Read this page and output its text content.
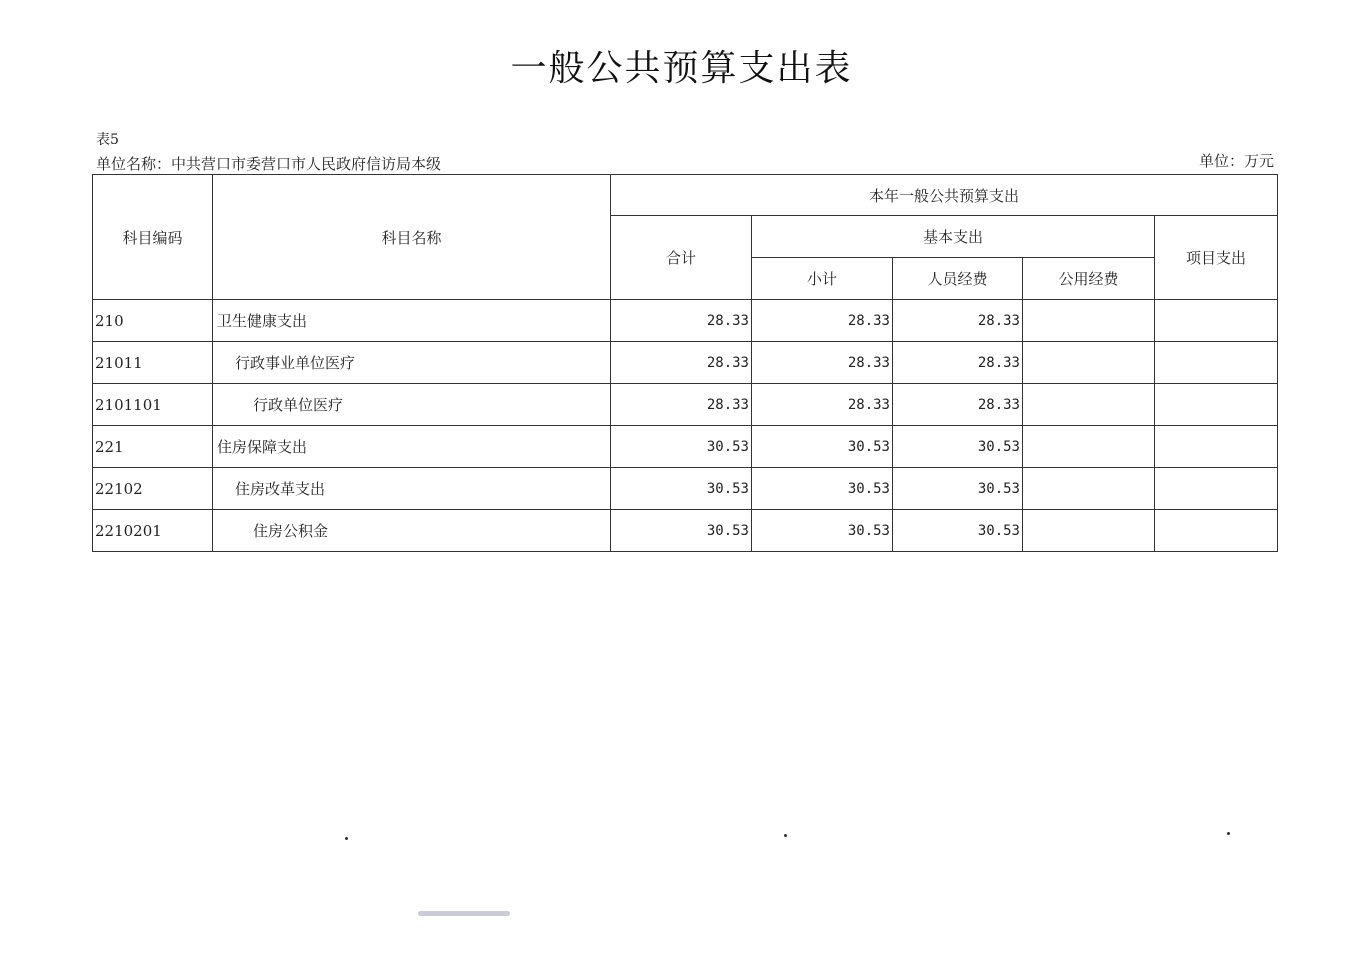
一般公共预算支出表
表5
单位名称：中共营口市委营口市人民政府信访局本级	单位：万元
科目编码	科目名称	本年一般公共预算支出				
		合计	基本支出			项目支出
			小计	人员经费	公用经费	
210	卫生健康支出	28.33	28.33	28.33		
21011	行政事业单位医疗	28.33	28.33	28.33		
2101101	行政单位医疗	28.33	28.33	28.33		
221	住房保障支出	30.53	30.53	30.53		
22102	住房改革支出	30.53	30.53	30.53		
2210201	住房公积金	30.53	30.53	30.53		
